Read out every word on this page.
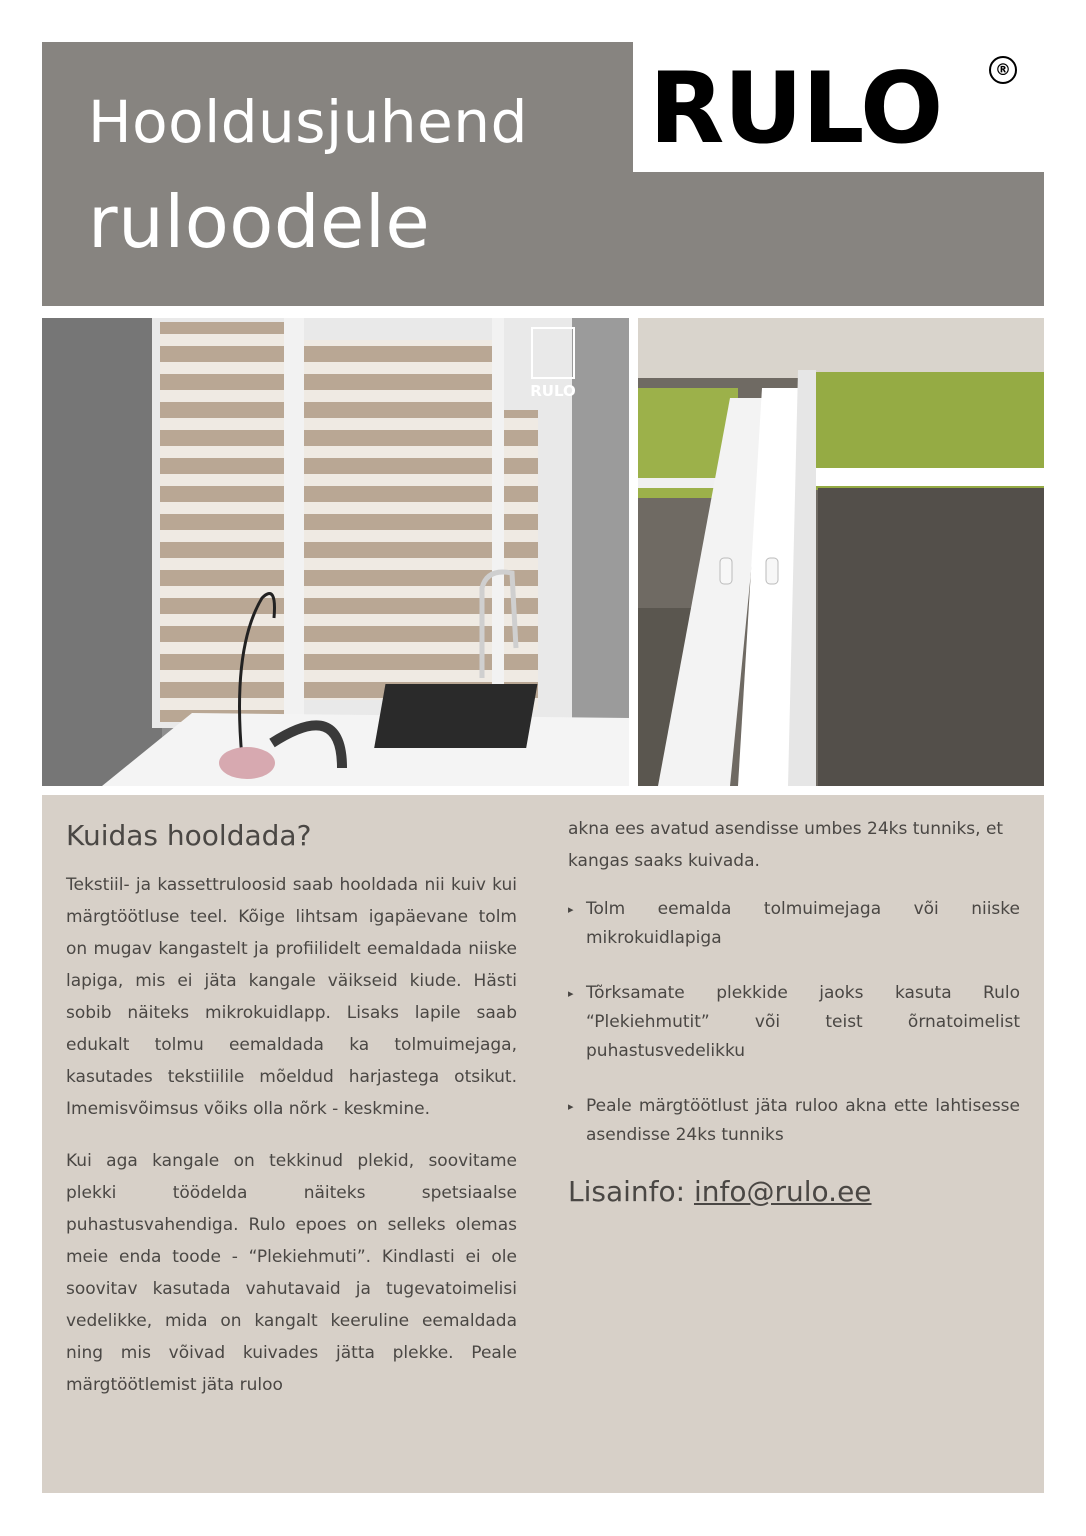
Hooldusjuhend
ruloodele
RULO	®
RULO
Kuidas hooldada?

Tekstiil- ja kassettruloosid saab hooldada nii kuiv kui märgtöötluse teel. Kõige lihtsam igapäevane tolm on mugav kangastelt ja profiilidelt eemaldada niiske lapiga, mis ei jäta kangale väikseid kiude. Hästi sobib näiteks mikrokuidlapp. Lisaks lapile saab edukalt tolmu eemaldada ka tolmuimejaga, kasutades tekstiilile mõeldud harjastega otsikut. Imemisvõimsus võiks olla nõrk - keskmine.

Kui aga kangale on tekkinud plekid, soovitame plekki töödelda näiteks spetsiaalse puhastusvahendiga. Rulo epoes on selleks olemas meie enda toode - “Plekiehmuti”. Kindlasti ei ole soovitav kasutada vahutavaid ja tugevatoimelisi vedelikke, mida on kangalt keeruline eemaldada ning mis võivad kuivades jätta plekke. Peale märgtöötlemist jäta ruloo

akna ees avatud asendisse umbes 24ks tunniks, et kangas saaks kuivada.

▸ Tolm eemalda tolmuimejaga või niiske mikrokuidlapiga
▸ Tõrksamate plekkide jaoks kasuta Rulo “Plekiehmutit” või teist õrnatoimelist puhastusvedelikku
▸ Peale märgtöötlust jäta ruloo akna ette lahtisesse asendisse 24ks tunniks
Lisainfo: info@rulo.ee
